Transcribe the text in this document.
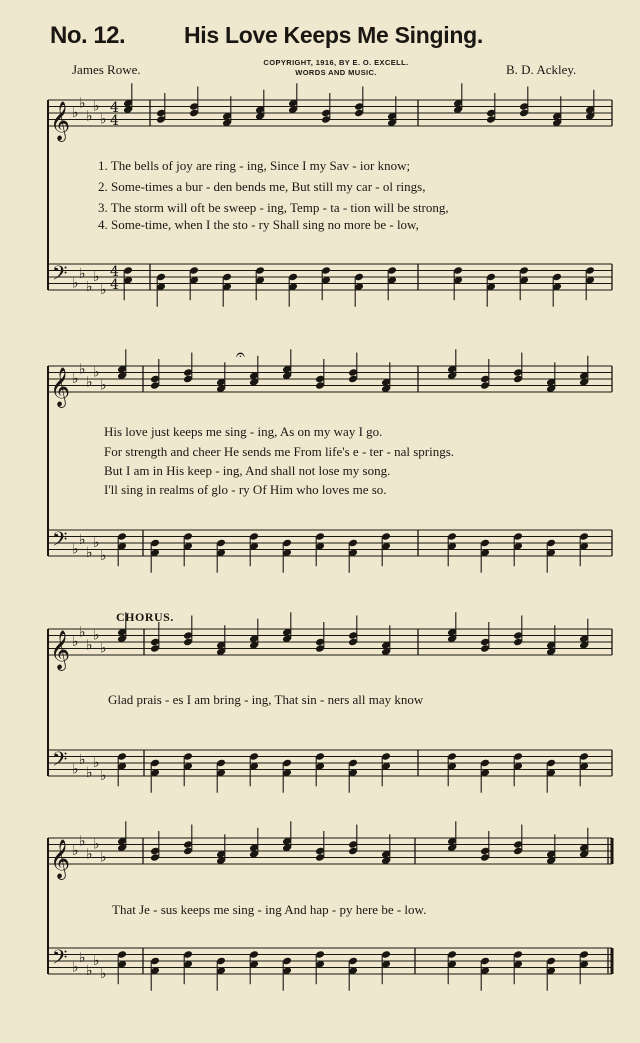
No. 12.	His Love Keeps Me Singing.
James Rowe.	COPYRIGHT, 1916, BY E. O. EXCELL.
WORDS AND MUSIC.	B. D. Ackley.
𝄞
𝄢
♭
♭
♭
♭
♭
♭
♭
♭
♭
♭
4
4
4
4
𝄞
𝄢
♭
♭
♭
♭
♭
♭
♭
♭
♭
♭
𝄞
𝄢
♭
♭
♭
♭
♭
♭
♭
♭
♭
♭
𝄞
𝄢
♭
♭
♭
♭
♭
♭
♭
♭
♭
♭
𝄐
1. The bells of joy are ring - ing, Since I my Sav - ior know;
2. Some-times a bur - den bends me, But still my car - ol rings,
3. The storm will oft be sweep - ing, Temp - ta - tion will be strong,
4. Some-time, when I the sto - ry Shall sing no more be - low,
His love just keeps me sing - ing, As on my way I go.
For strength and cheer He sends me From life's e - ter - nal springs.
But I am in His keep - ing, And shall not lose my song.
I'll sing in realms of glo - ry Of Him who loves me so.
CHORUS.
Glad prais - es I am bring - ing, That sin - ners all may know
That Je - sus keeps me sing - ing And hap - py here be - low.
